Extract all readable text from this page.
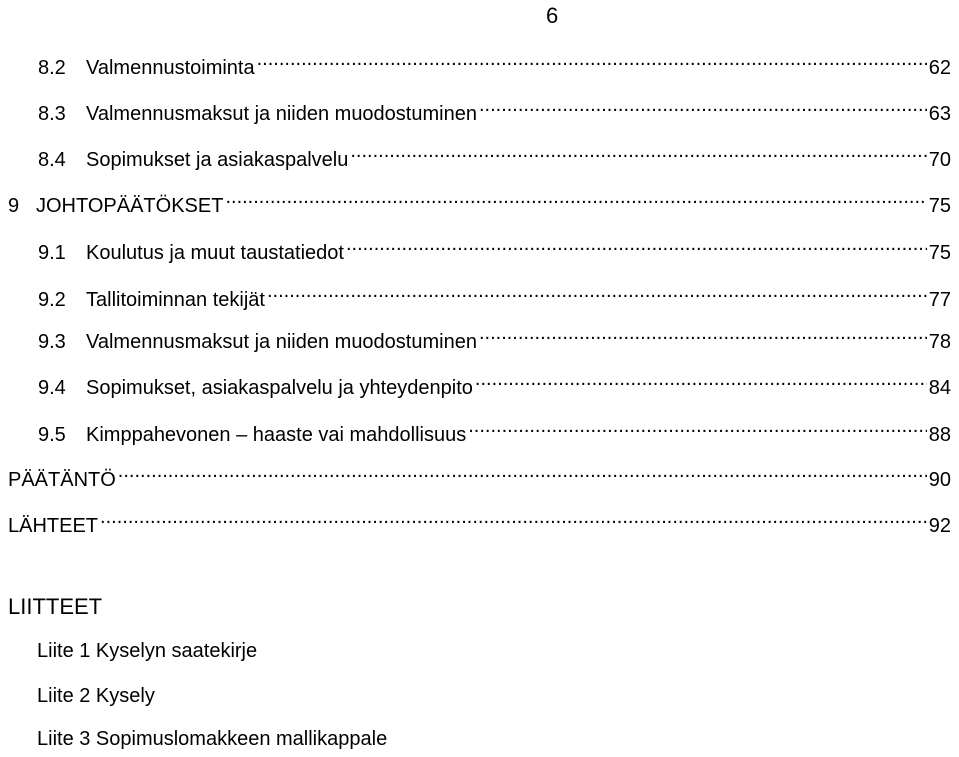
6
8.2	Valmennustoiminta .....	62
8.3	Valmennusmaksut ja niiden muodostuminen .....	63
8.4	Sopimukset ja asiakaspalvelu .....	70
9 JOHTOPÄÄTÖKSET .....	75
9.1	Koulutus ja muut taustatiedot .....	75
9.2	Tallitoiminnan tekijät .....	77
9.3	Valmennusmaksut ja niiden muodostuminen .....	78
9.4	Sopimukset, asiakaspalvelu ja yhteydenpito .....	84
9.5	Kimppahevonen – haaste vai mahdollisuus .....	88
PÄÄTÄNTÖ .....	90
LÄHTEET .....	92
LIITTEET
Liite 1 Kyselyn saatekirje
Liite 2 Kysely
Liite 3 Sopimuslomakkeen mallikappale
